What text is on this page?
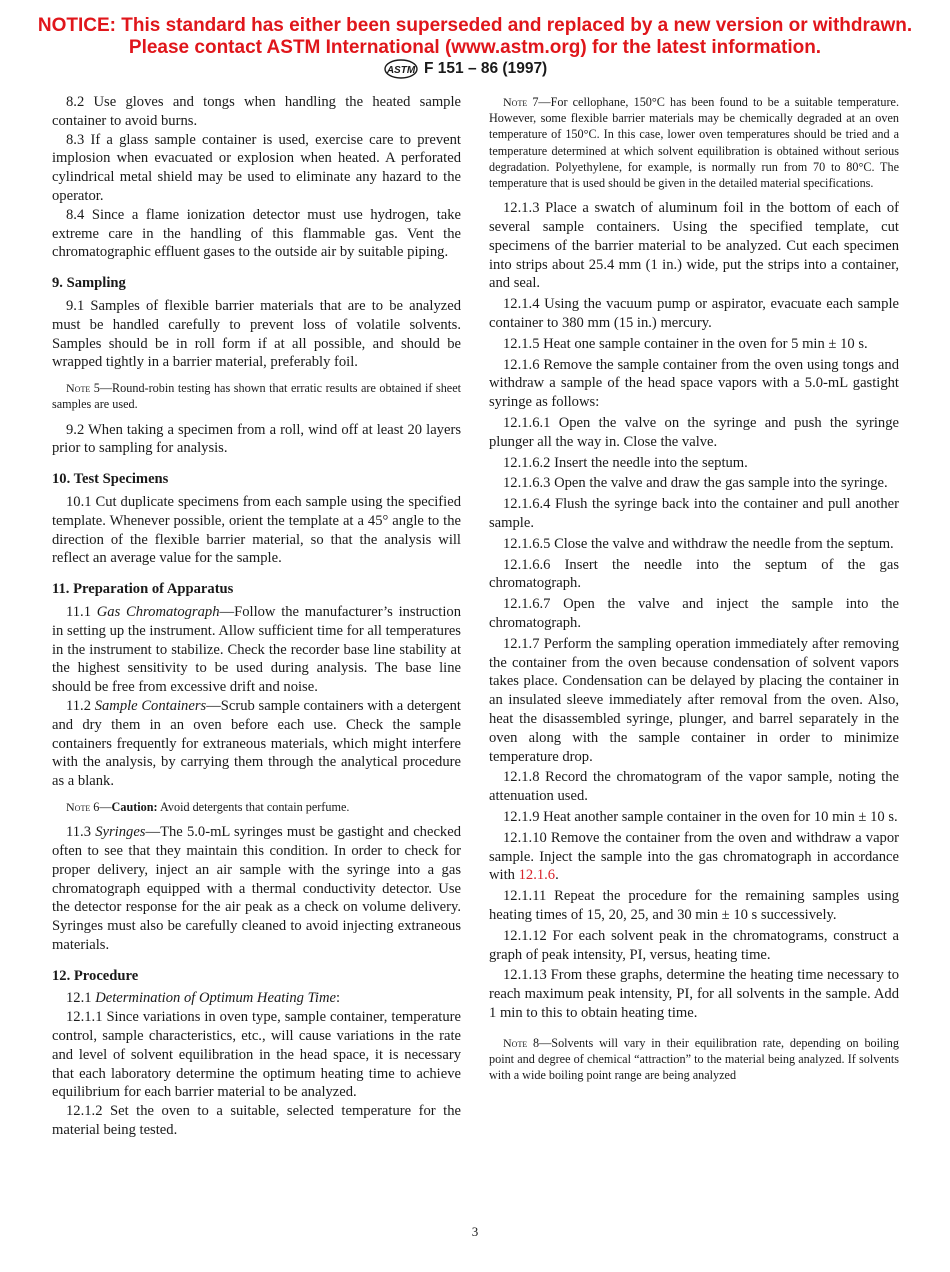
NOTICE: This standard has either been superseded and replaced by a new version or withdrawn.
Please contact ASTM International (www.astm.org) for the latest information.
ASTM F 151 – 86 (1997)

8.2 Use gloves and tongs when handling the heated sample container to avoid burns.

8.3 If a glass sample container is used, exercise care to prevent implosion when evacuated or explosion when heated. A perforated cylindrical metal shield may be used to eliminate any hazard to the operator.

8.4 Since a flame ionization detector must use hydrogen, take extreme care in the handling of this flammable gas. Vent the chromatographic effluent gases to the outside air by suitable piping.

9. Sampling

9.1 Samples of flexible barrier materials that are to be analyzed must be handled carefully to prevent loss of volatile solvents. Samples should be in roll form if at all possible, and should be wrapped tightly in a barrier material, preferably foil.

Note 5—Round-robin testing has shown that erratic results are obtained if sheet samples are used.

9.2 When taking a specimen from a roll, wind off at least 20 layers prior to sampling for analysis.

10. Test Specimens

10.1 Cut duplicate specimens from each sample using the specified template. Whenever possible, orient the template at a 45° angle to the direction of the flexible barrier material, so that the analysis will reflect an average value for the sample.

11. Preparation of Apparatus

11.1 Gas Chromatograph—Follow the manufacturer’s instruction in setting up the instrument. Allow sufficient time for all temperatures in the instrument to stabilize. Check the recorder base line stability at the highest sensitivity to be used during analysis. The base line should be free from excessive drift and noise.

11.2 Sample Containers—Scrub sample containers with a detergent and dry them in an oven before each use. Check the sample containers frequently for extraneous materials, which might interfere with the analysis, by carrying them through the analytical procedure as a blank.

Note 6—Caution: Avoid detergents that contain perfume.

11.3 Syringes—The 5.0-mL syringes must be gastight and checked often to see that they maintain this condition. In order to check for proper delivery, inject an air sample with the syringe into a gas chromatograph equipped with a thermal conductivity detector. Use the detector response for the air peak as a check on volume delivery. Syringes must also be carefully cleaned to avoid injecting extraneous materials.

12. Procedure

12.1 Determination of Optimum Heating Time:

12.1.1 Since variations in oven type, sample container, temperature control, sample characteristics, etc., will cause variations in the rate and level of solvent equilibration in the head space, it is necessary that each laboratory determine the optimum heating time to achieve equilibrium for each barrier material to be analyzed.

12.1.2 Set the oven to a suitable, selected temperature for the material being tested.

Note 7—For cellophane, 150°C has been found to be a suitable temperature. However, some flexible barrier materials may be chemically degraded at an oven temperature of 150°C. In this case, lower oven temperatures should be tried and a temperature determined at which solvent equilibration is obtained without serious degradation. Polyethylene, for example, is normally run from 70 to 80°C. The temperature that is used should be given in the detailed material specifications.

12.1.3 Place a swatch of aluminum foil in the bottom of each of several sample containers. Using the specified template, cut specimens of the barrier material to be analyzed. Cut each specimen into strips about 25.4 mm (1 in.) wide, put the strips into a container, and seal.

12.1.4 Using the vacuum pump or aspirator, evacuate each sample container to 380 mm (15 in.) mercury.

12.1.5 Heat one sample container in the oven for 5 min ± 10 s.

12.1.6 Remove the sample container from the oven using tongs and withdraw a sample of the head space vapors with a 5.0-mL gastight syringe as follows:

12.1.6.1 Open the valve on the syringe and push the syringe plunger all the way in. Close the valve.

12.1.6.2 Insert the needle into the septum.

12.1.6.3 Open the valve and draw the gas sample into the syringe.

12.1.6.4 Flush the syringe back into the container and pull another sample.

12.1.6.5 Close the valve and withdraw the needle from the septum.

12.1.6.6 Insert the needle into the septum of the gas chromatograph.

12.1.6.7 Open the valve and inject the sample into the chromatograph.

12.1.7 Perform the sampling operation immediately after removing the container from the oven because condensation of solvent vapors takes place. Condensation can be delayed by placing the container in an insulated sleeve immediately after removal from the oven. Also, heat the disassembled syringe, plunger, and barrel separately in the oven along with the sample container in order to minimize temperature drop.

12.1.8 Record the chromatogram of the vapor sample, noting the attenuation used.

12.1.9 Heat another sample container in the oven for 10 min ± 10 s.

12.1.10 Remove the container from the oven and withdraw a vapor sample. Inject the sample into the gas chromatograph in accordance with 12.1.6.

12.1.11 Repeat the procedure for the remaining samples using heating times of 15, 20, 25, and 30 min ± 10 s successively.

12.1.12 For each solvent peak in the chromatograms, construct a graph of peak intensity, PI, versus, heating time.

12.1.13 From these graphs, determine the heating time necessary to reach maximum peak intensity, PI, for all solvents in the sample. Add 1 min to this to obtain heating time.

Note 8—Solvents will vary in their equilibration rate, depending on boiling point and degree of chemical “attraction” to the material being analyzed. If solvents with a wide boiling point range are being analyzed

3
